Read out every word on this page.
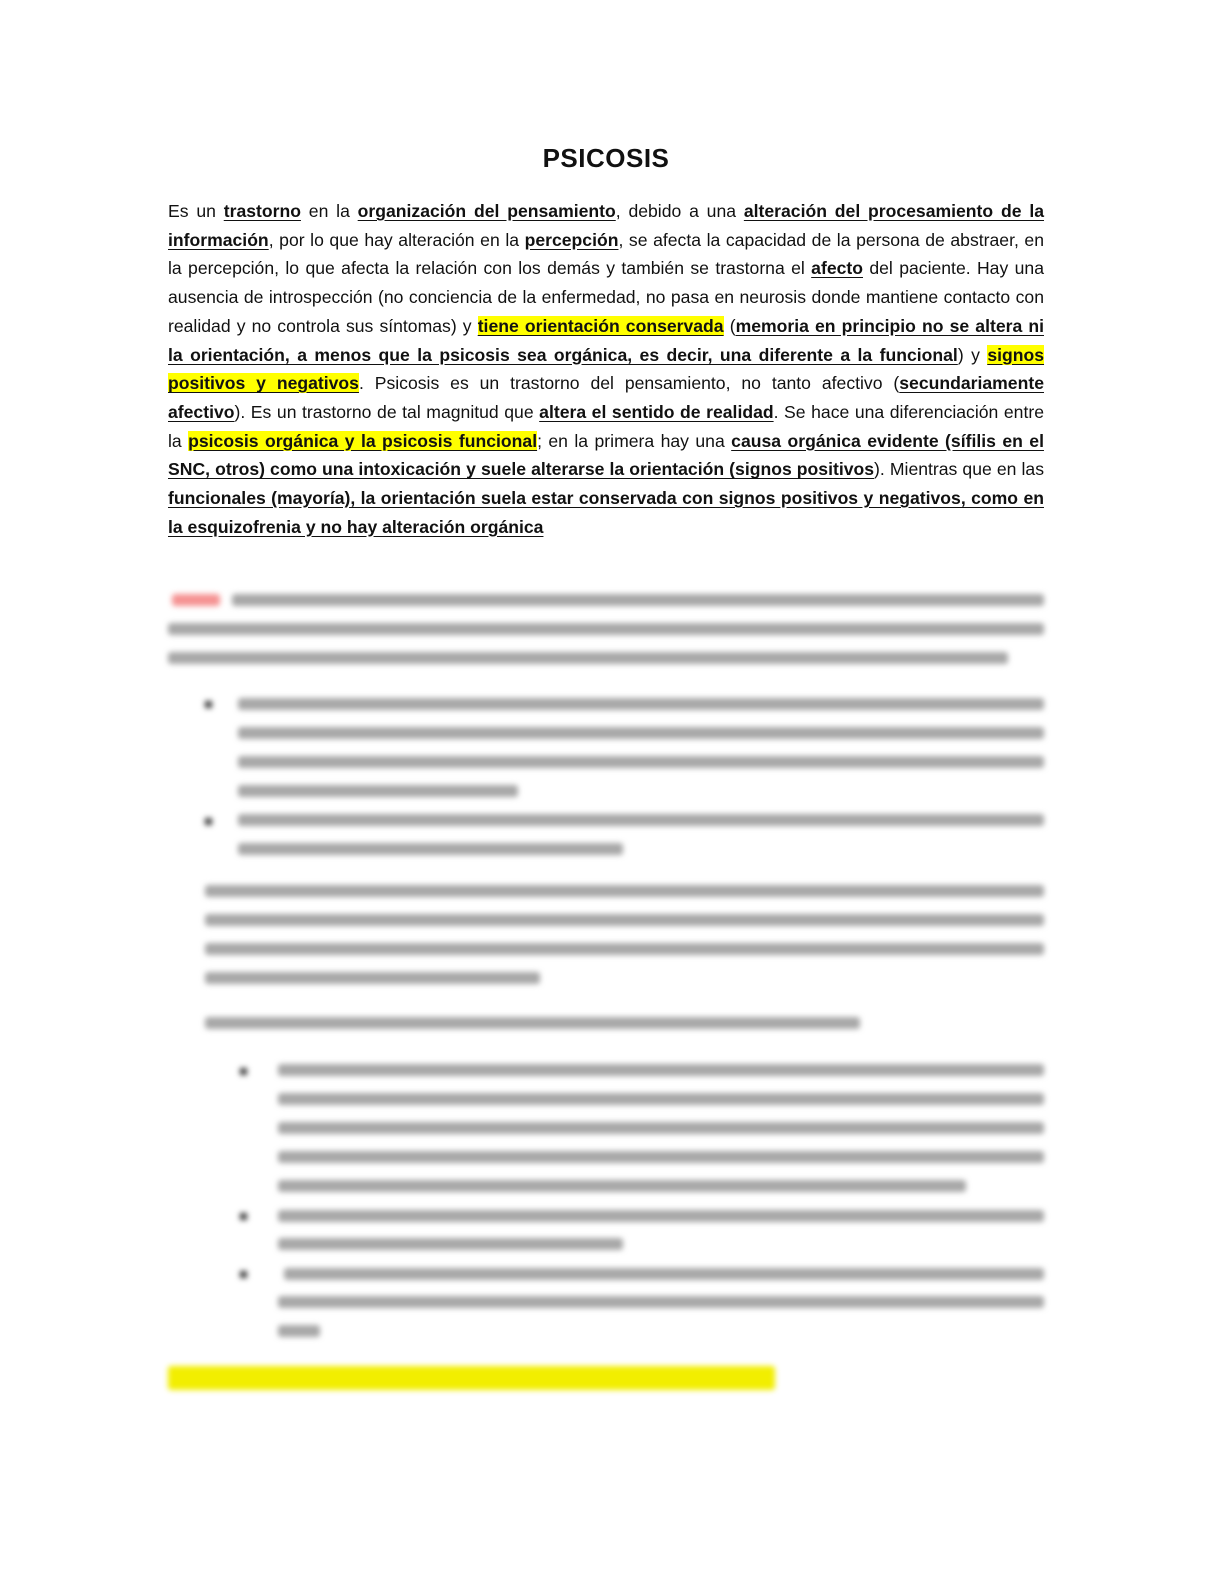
PSICOSIS
Es un trastorno en la organización del pensamiento, debido a una alteración del procesamiento de la información, por lo que hay alteración en la percepción, se afecta la capacidad de la persona de abstraer, en la percepción, lo que afecta la relación con los demás y también se trastorna el afecto del paciente. Hay una ausencia de introspección (no conciencia de la enfermedad, no pasa en neurosis donde mantiene contacto con realidad y no controla sus síntomas) y tiene orientación conservada (memoria en principio no se altera ni la orientación, a menos que la psicosis sea orgánica, es decir, una diferente a la funcional) y signos positivos y negativos. Psicosis es un trastorno del pensamiento, no tanto afectivo (secundariamente afectivo). Es un trastorno de tal magnitud que altera el sentido de realidad. Se hace una diferenciación entre la psicosis orgánica y la psicosis funcional; en la primera hay una causa orgánica evidente (sífilis en el SNC, otros) como una intoxicación y suele alterarse la orientación (signos positivos). Mientras que en las funcionales (mayoría), la orientación suela estar conservada con signos positivos y negativos, como en la esquizofrenia y no hay alteración orgánica
